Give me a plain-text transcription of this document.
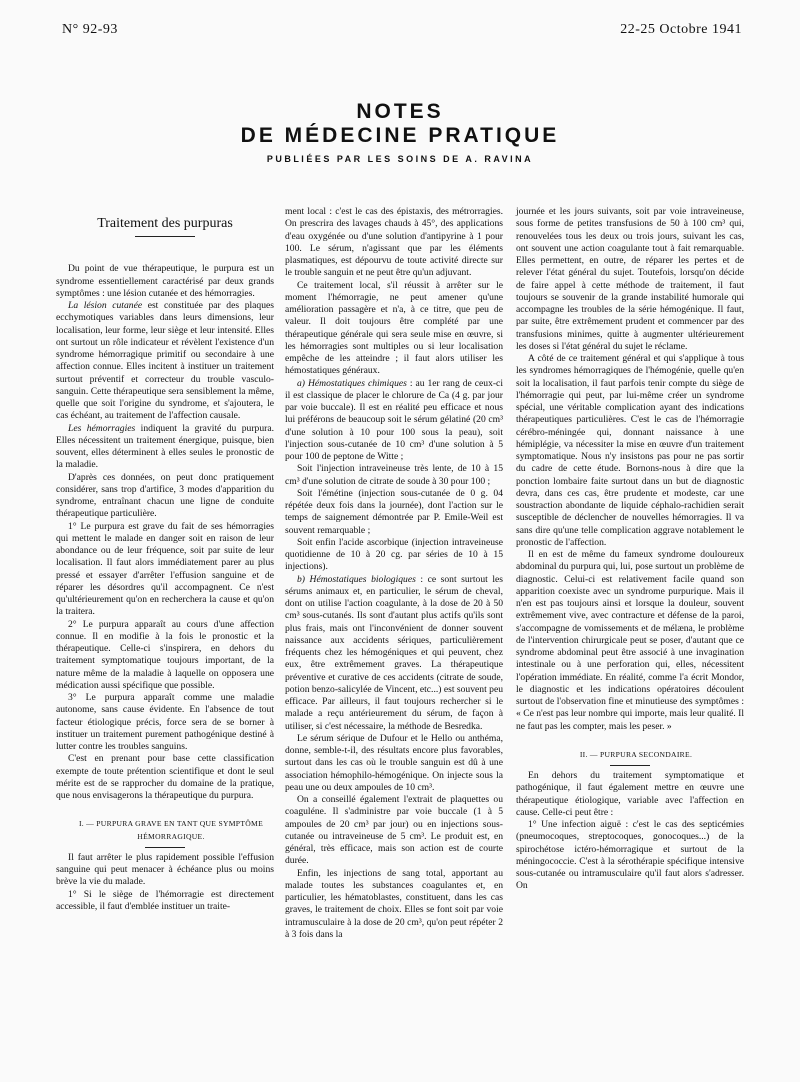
N° 92-93	22-25 Octobre 1941
NOTES
DE MÉDECINE PRATIQUE
PUBLIÉES PAR LES SOINS DE A. RAVINA
Traitement des purpuras

Du point de vue thérapeutique, le purpura est un syndrome essentiellement caractérisé par deux grands symptômes : une lésion cutanée et des hémorragies.

La lésion cutanée est constituée par des plaques ecchymotiques variables dans leurs dimensions, leur localisation, leur forme, leur siège et leur intensité. Elles ont surtout un rôle indicateur et révèlent l'existence d'un syndrome hémorragique primitif ou secondaire à une affection connue. Elles incitent à instituer un traitement surtout préventif et correcteur du trouble vasculo-sanguin. Cette thérapeutique sera sensiblement la même, quelle que soit l'origine du syndrome, et s'ajoutera, le cas échéant, au traitement de l'affection causale.

Les hémorragies indiquent la gravité du purpura. Elles nécessitent un traitement énergique, puisque, bien souvent, elles déterminent à elles seules le pronostic de la maladie.

D'après ces données, on peut donc pratiquement considérer, sans trop d'artifice, 3 modes d'apparition du syndrome, entraînant chacun une ligne de conduite thérapeutique particulière.

1° Le purpura est grave du fait de ses hémorragies qui mettent le malade en danger soit en raison de leur abondance ou de leur fréquence, soit par suite de leur localisation. Il faut alors immédiatement parer au plus pressé et essayer d'arrêter l'effusion sanguine et de réparer les désordres qu'il accompagnent. Ce n'est qu'ultérieurement qu'on en recherchera la cause et qu'on la traitera.

2° Le purpura apparaît au cours d'une affection connue. Il en modifie à la fois le pronostic et la thérapeutique. Celle-ci s'inspirera, en dehors du traitement symptomatique toujours important, de la nature même de la maladie à laquelle on opposera une médication aussi spécifique que possible.

3° Le purpura apparaît comme une maladie autonome, sans cause évidente. En l'absence de tout facteur étiologique précis, force sera de se borner à instituer un traitement purement pathogénique destiné à lutter contre les troubles sanguins.

C'est en prenant pour base cette classification exempte de toute prétention scientifique et dont le seul mérite est de se rapprocher du domaine de la pratique, que nous envisagerons la thérapeutique du purpura.

I. — PURPURA GRAVE EN TANT QUE SYMPTÔME

HÉMORRAGIQUE.

Il faut arrêter le plus rapidement possible l'effusion sanguine qui peut menacer à échéance plus ou moins brève la vie du malade.

1° Si le siège de l'hémorragie est directement accessible, il faut d'emblée instituer un traite-

ment local : c'est le cas des épistaxis, des métrorragies. On prescrira des lavages chauds à 45°, des applications d'eau oxygénée ou d'une solution d'antipyrine à 1 pour 100. Le sérum, n'agissant que par les éléments plasmatiques, est dépourvu de toute activité directe sur le trouble sanguin et ne peut être qu'un adjuvant.

Ce traitement local, s'il réussit à arrêter sur le moment l'hémorragie, ne peut amener qu'une amélioration passagère et n'a, à ce titre, que peu de valeur. Il doit toujours être complété par une thérapeutique générale qui sera seule mise en œuvre, si les hémorragies sont multiples ou si leur localisation empêche de les atteindre ; il faut alors utiliser les hémostatiques généraux.

a) Hémostatiques chimiques : au 1er rang de ceux-ci il est classique de placer le chlorure de Ca (4 g. par jour par voie buccale). Il est en réalité peu efficace et nous lui préférons de beaucoup soit le sérum gélatiné (20 cm³ d'une solution à 10 pour 100 sous la peau), soit l'injection sous-cutanée de 10 cm³ d'une solution à 5 pour 100 de peptone de Witte ;

Soit l'injection intraveineuse très lente, de 10 à 15 cm³ d'une solution de citrate de soude à 30 pour 100 ;

Soit l'émétine (injection sous-cutanée de 0 g. 04 répétée deux fois dans la journée), dont l'action sur le temps de saignement démontrée par P. Emile-Weil est souvent remarquable ;

Soit enfin l'acide ascorbique (injection intraveineuse quotidienne de 10 à 20 cg. par séries de 10 à 15 injections).

b) Hémostatiques biologiques : ce sont surtout les sérums animaux et, en particulier, le sérum de cheval, dont on utilise l'action coagulante, à la dose de 20 à 50 cm³ sous-cutanés. Ils sont d'autant plus actifs qu'ils sont plus frais, mais ont l'inconvénient de donner souvent naissance aux accidents sériques, particulièrement fréquents chez les hémogéniques et qui peuvent, chez eux, être extrêmement graves. La thérapeutique préventive et curative de ces accidents (citrate de soude, potion benzo-salicylée de Vincent, etc...) est souvent peu efficace. Par ailleurs, il faut toujours rechercher si le malade a reçu antérieurement du sérum, de façon à utiliser, si c'est nécessaire, la méthode de Besredka.

Le sérum sérique de Dufour et le Hello ou anthéma, donne, semble-t-il, des résultats encore plus favorables, surtout dans les cas où le trouble sanguin est dû à une association hémophilo-hémogénique. On injecte sous la peau une ou deux ampoules de 10 cm³.

On a conseillé également l'extrait de plaquettes ou coaguléne. Il s'administre par voie buccale (1 à 5 ampoules de 20 cm³ par jour) ou en injections sous-cutanée ou intraveineuse de 5 cm³. Le produit est, en général, très efficace, mais son action est de courte durée.

Enfin, les injections de sang total, apportant au malade toutes les substances coagulantes et, en particulier, les hématoblastes, constituent, dans les cas graves, le traitement de choix. Elles se font soit par voie intramusculaire à la dose de 20 cm³, qu'on peut répéter 2 à 3 fois dans la

journée et les jours suivants, soit par voie intraveineuse, sous forme de petites transfusions de 50 à 100 cm³ qui, renouvelées tous les deux ou trois jours, suivant les cas, ont souvent une action coagulante tout à fait remarquable. Elles permettent, en outre, de réparer les pertes et de relever l'état général du sujet. Toutefois, lorsqu'on décide de faire appel à cette méthode de traitement, il faut toujours se souvenir de la grande instabilité humorale qui accompagne les troubles de la série hémogénique. Il faut, par suite, être extrêmement prudent et commencer par des transfusions minimes, quitte à augmenter ultérieurement les doses si l'état général du sujet le réclame.

A côté de ce traitement général et qui s'applique à tous les syndromes hémorragiques de l'hémogénie, quelle qu'en soit la localisation, il faut parfois tenir compte du siège de l'hémorragie qui peut, par lui-même créer un syndrome spécial, une véritable complication ayant des indications thérapeutiques particulières. C'est le cas de l'hémorragie cérébro-méningée qui, donnant naissance à une hémiplégie, va nécessiter la mise en œuvre d'un traitement symptomatique. Nous n'y insistons pas pour ne pas sortir du cadre de cette étude. Bornons-nous à dire que la ponction lombaire faite surtout dans un but de diagnostic devra, dans ces cas, être prudente et modeste, car une soustraction abondante de liquide céphalo-rachidien serait susceptible de déclencher de nouvelles hémorragies. Il va sans dire qu'une telle complication aggrave notablement le pronostic de l'affection.

Il en est de même du fameux syndrome douloureux abdominal du purpura qui, lui, pose surtout un problème de diagnostic. Celui-ci est relativement facile quand son apparition coexiste avec un syndrome purpurique. Mais il n'en est pas toujours ainsi et lorsque la douleur, souvent extrêmement vive, avec contracture et défense de la paroi, s'accompagne de vomissements et de mélæna, le problème de l'intervention chirurgicale peut se poser, d'autant que ce syndrome abdominal peut être associé à une invagination intestinale ou à une perforation qui, elles, nécessitent l'opération immédiate. En réalité, comme l'a écrit Mondor, le diagnostic et les indications opératoires découlent surtout de l'observation fine et minutieuse des symptômes : « Ce n'est pas leur nombre qui importe, mais leur qualité. Il ne faut pas les compter, mais les peser. »

II. — PURPURA SECONDAIRE.

En dehors du traitement symptomatique et pathogénique, il faut également mettre en œuvre une thérapeutique étiologique, variable avec l'affection en cause. Celle-ci peut être :

1° Une infection aiguë : c'est le cas des septicémies (pneumocoques, streptocoques, gonocoques...) de la spirochétose ictéro-hémorragique et surtout de la méningococcie. C'est à la sérothérapie spécifique intensive sous-cutanée ou intramusculaire qu'il faut alors s'adresser. On
